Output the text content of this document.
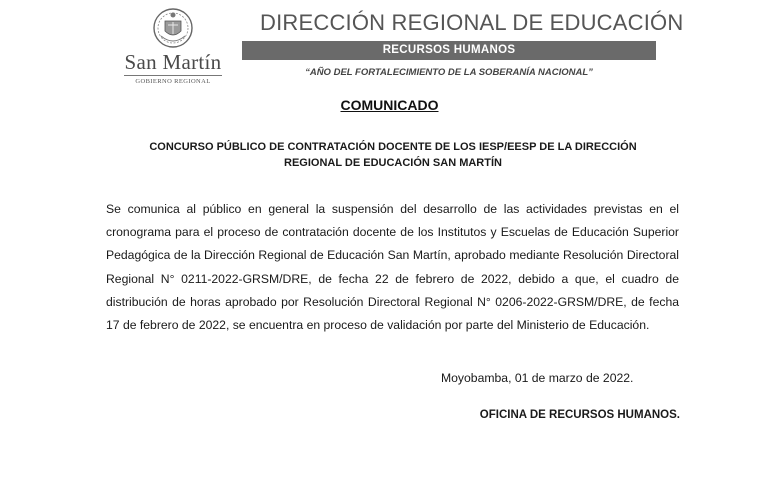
San Martín
GOBIERNO REGIONAL
DIRECCIÓN REGIONAL DE EDUCACIÓN
RECURSOS HUMANOS
“AÑO DEL FORTALECIMIENTO DE LA SOBERANÍA NACIONAL”
COMUNICADO
CONCURSO PÚBLICO DE CONTRATACIÓN DOCENTE DE LOS IESP/EESP DE LA DIRECCIÓN
REGIONAL DE EDUCACIÓN SAN MARTÍN
Se comunica al público en general la suspensión del desarrollo de las actividades previstas en el cronograma para el proceso de contratación docente de los Institutos y Escuelas de Educación Superior Pedagógica de la Dirección Regional de Educación San Martín, aprobado mediante Resolución Directoral Regional N° 0211-2022-GRSM/DRE, de fecha 22 de febrero de 2022, debido a que, el cuadro de distribución de horas aprobado por Resolución Directoral Regional N° 0206-2022-GRSM/DRE, de fecha 17 de febrero de 2022, se encuentra en proceso de validación por parte del Ministerio de Educación.
Moyobamba, 01 de marzo de 2022.
OFICINA DE RECURSOS HUMANOS.
